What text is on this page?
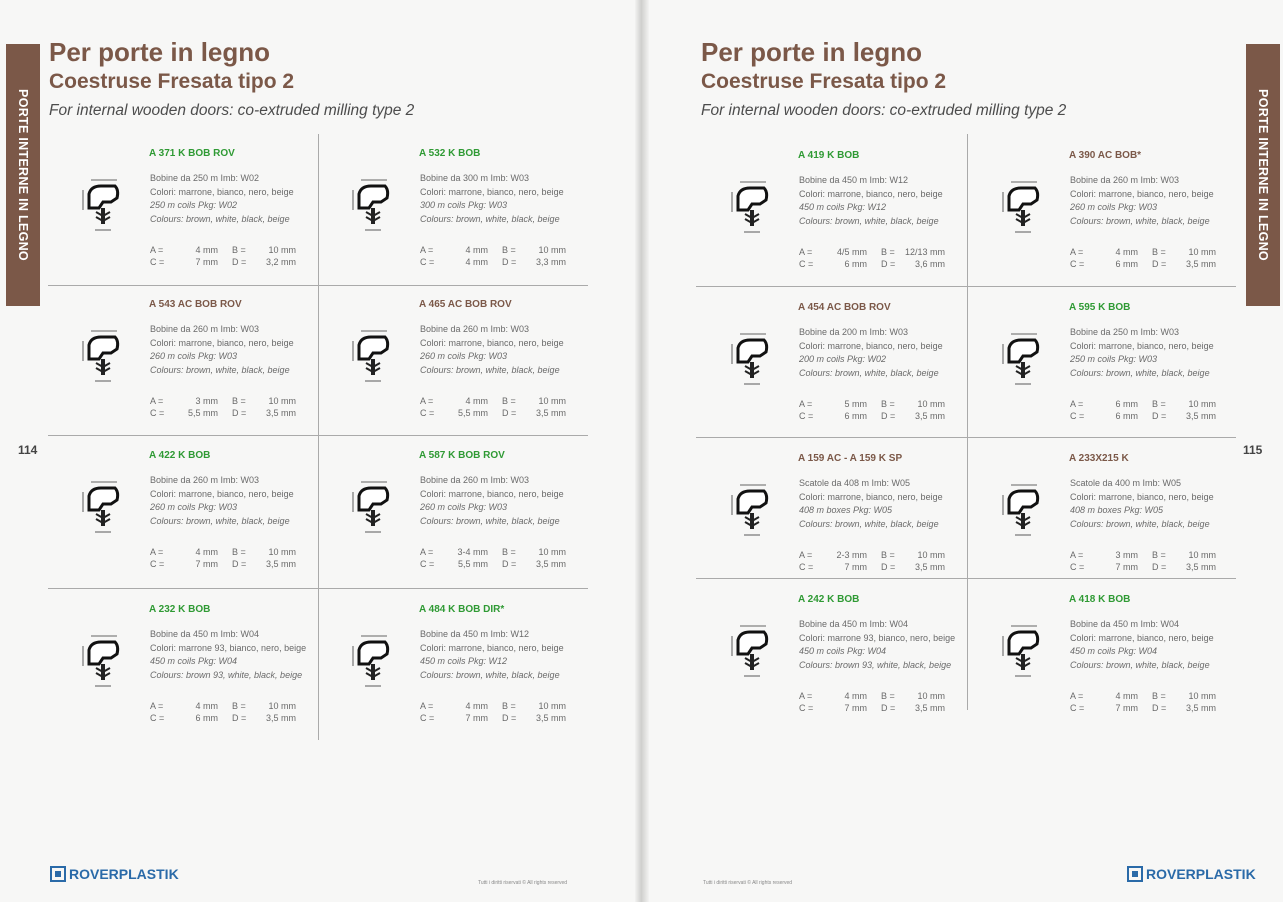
PORTE INTERNE IN LEGNO
Per porte in legno
Coestruse Fresata tipo 2
For internal wooden doors: co-extruded milling type 2
114
A 371 K BOB ROV
Bobine da 250 m Imb: W02
Colori: marrone, bianco, nero, beige
250 m coils Pkg: W02
Colours: brown, white, black, beige
A =	4 mm B =	10 mm
C =	7 mm D =	3,2 mm
A 532 K BOB
Bobine da 300 m Imb: W03
Colori: marrone, bianco, nero, beige
300 m coils Pkg: W03
Colours: brown, white, black, beige
A =	4 mm B =	10 mm
C =	4 mm D =	3,3 mm
A 543 AC BOB ROV
Bobine da 260 m Imb: W03
Colori: marrone, bianco, nero, beige
260 m coils Pkg: W03
Colours: brown, white, black, beige
A =	3 mm B =	10 mm
C =	5,5 mm D =	3,5 mm
A 465 AC BOB ROV
Bobine da 260 m Imb: W03
Colori: marrone, bianco, nero, beige
260 m coils Pkg: W03
Colours: brown, white, black, beige
A =	4 mm B =	10 mm
C =	5,5 mm D =	3,5 mm
A 422 K BOB
Bobine da 260 m Imb: W03
Colori: marrone, bianco, nero, beige
260 m coils Pkg: W03
Colours: brown, white, black, beige
A =	4 mm B =	10 mm
C =	7 mm D =	3,5 mm
A 587 K BOB ROV
Bobine da 260 m Imb: W03
Colori: marrone, bianco, nero, beige
260 m coils Pkg: W03
Colours: brown, white, black, beige
A =	3-4 mm B =	10 mm
C =	5,5 mm D =	3,5 mm
A 232 K BOB
Bobine da 450 m Imb: W04
Colori: marrone 93, bianco, nero, beige
450 m coils Pkg: W04
Colours: brown 93, white, black, beige
A =	4 mm B =	10 mm
C =	6 mm D =	3,5 mm
A 484 K BOB DIR*
Bobine da 450 m Imb: W12
Colori: marrone, bianco, nero, beige
450 m coils Pkg: W12
Colours: brown, white, black, beige
A =	4 mm B =	10 mm
C =	7 mm D =	3,5 mm
ROVERPLASTIK
Tutti i diritti riservati © All rights reserved
PORTE INTERNE IN LEGNO
Per porte in legno
Coestruse Fresata tipo 2
For internal wooden doors: co-extruded milling type 2
115
A 419 K BOB
Bobine da 450 m Imb: W12
Colori: marrone, bianco, nero, beige
450 m coils Pkg: W12
Colours: brown, white, black, beige
A =	4/5 mm B =	12/13 mm
C =	6 mm D =	3,6 mm
A 390 AC BOB*
Bobine da 260 m Imb: W03
Colori: marrone, bianco, nero, beige
260 m coils Pkg: W03
Colours: brown, white, black, beige
A =	4 mm B =	10 mm
C =	6 mm D =	3,5 mm
A 454 AC BOB ROV
Bobine da 200 m Imb: W03
Colori: marrone, bianco, nero, beige
200 m coils Pkg: W02
Colours: brown, white, black, beige
A =	5 mm B =	10 mm
C =	6 mm D =	3,5 mm
A 595 K BOB
Bobine da 250 m Imb: W03
Colori: marrone, bianco, nero, beige
250 m coils Pkg: W03
Colours: brown, white, black, beige
A =	6 mm B =	10 mm
C =	6 mm D =	3,5 mm
A 159 AC - A 159 K SP
Scatole da 408 m Imb: W05
Colori: marrone, bianco, nero, beige
408 m boxes Pkg: W05
Colours: brown, white, black, beige
A =	2-3 mm B =	10 mm
C =	7 mm D =	3,5 mm
A 233X215 K
Scatole da 400 m Imb: W05
Colori: marrone, bianco, nero, beige
408 m boxes Pkg: W05
Colours: brown, white, black, beige
A =	3 mm B =	10 mm
C =	7 mm D =	3,5 mm
A 242 K BOB
Bobine da 450 m Imb: W04
Colori: marrone 93, bianco, nero, beige
450 m coils Pkg: W04
Colours: brown 93, white, black, beige
A =	4 mm B =	10 mm
C =	7 mm D =	3,5 mm
A 418 K BOB
Bobine da 450 m Imb: W04
Colori: marrone, bianco, nero, beige
450 m coils Pkg: W04
Colours: brown, white, black, beige
A =	4 mm B =	10 mm
C =	7 mm D =	3,5 mm
ROVERPLASTIK
Tutti i diritti riservati © All rights reserved
